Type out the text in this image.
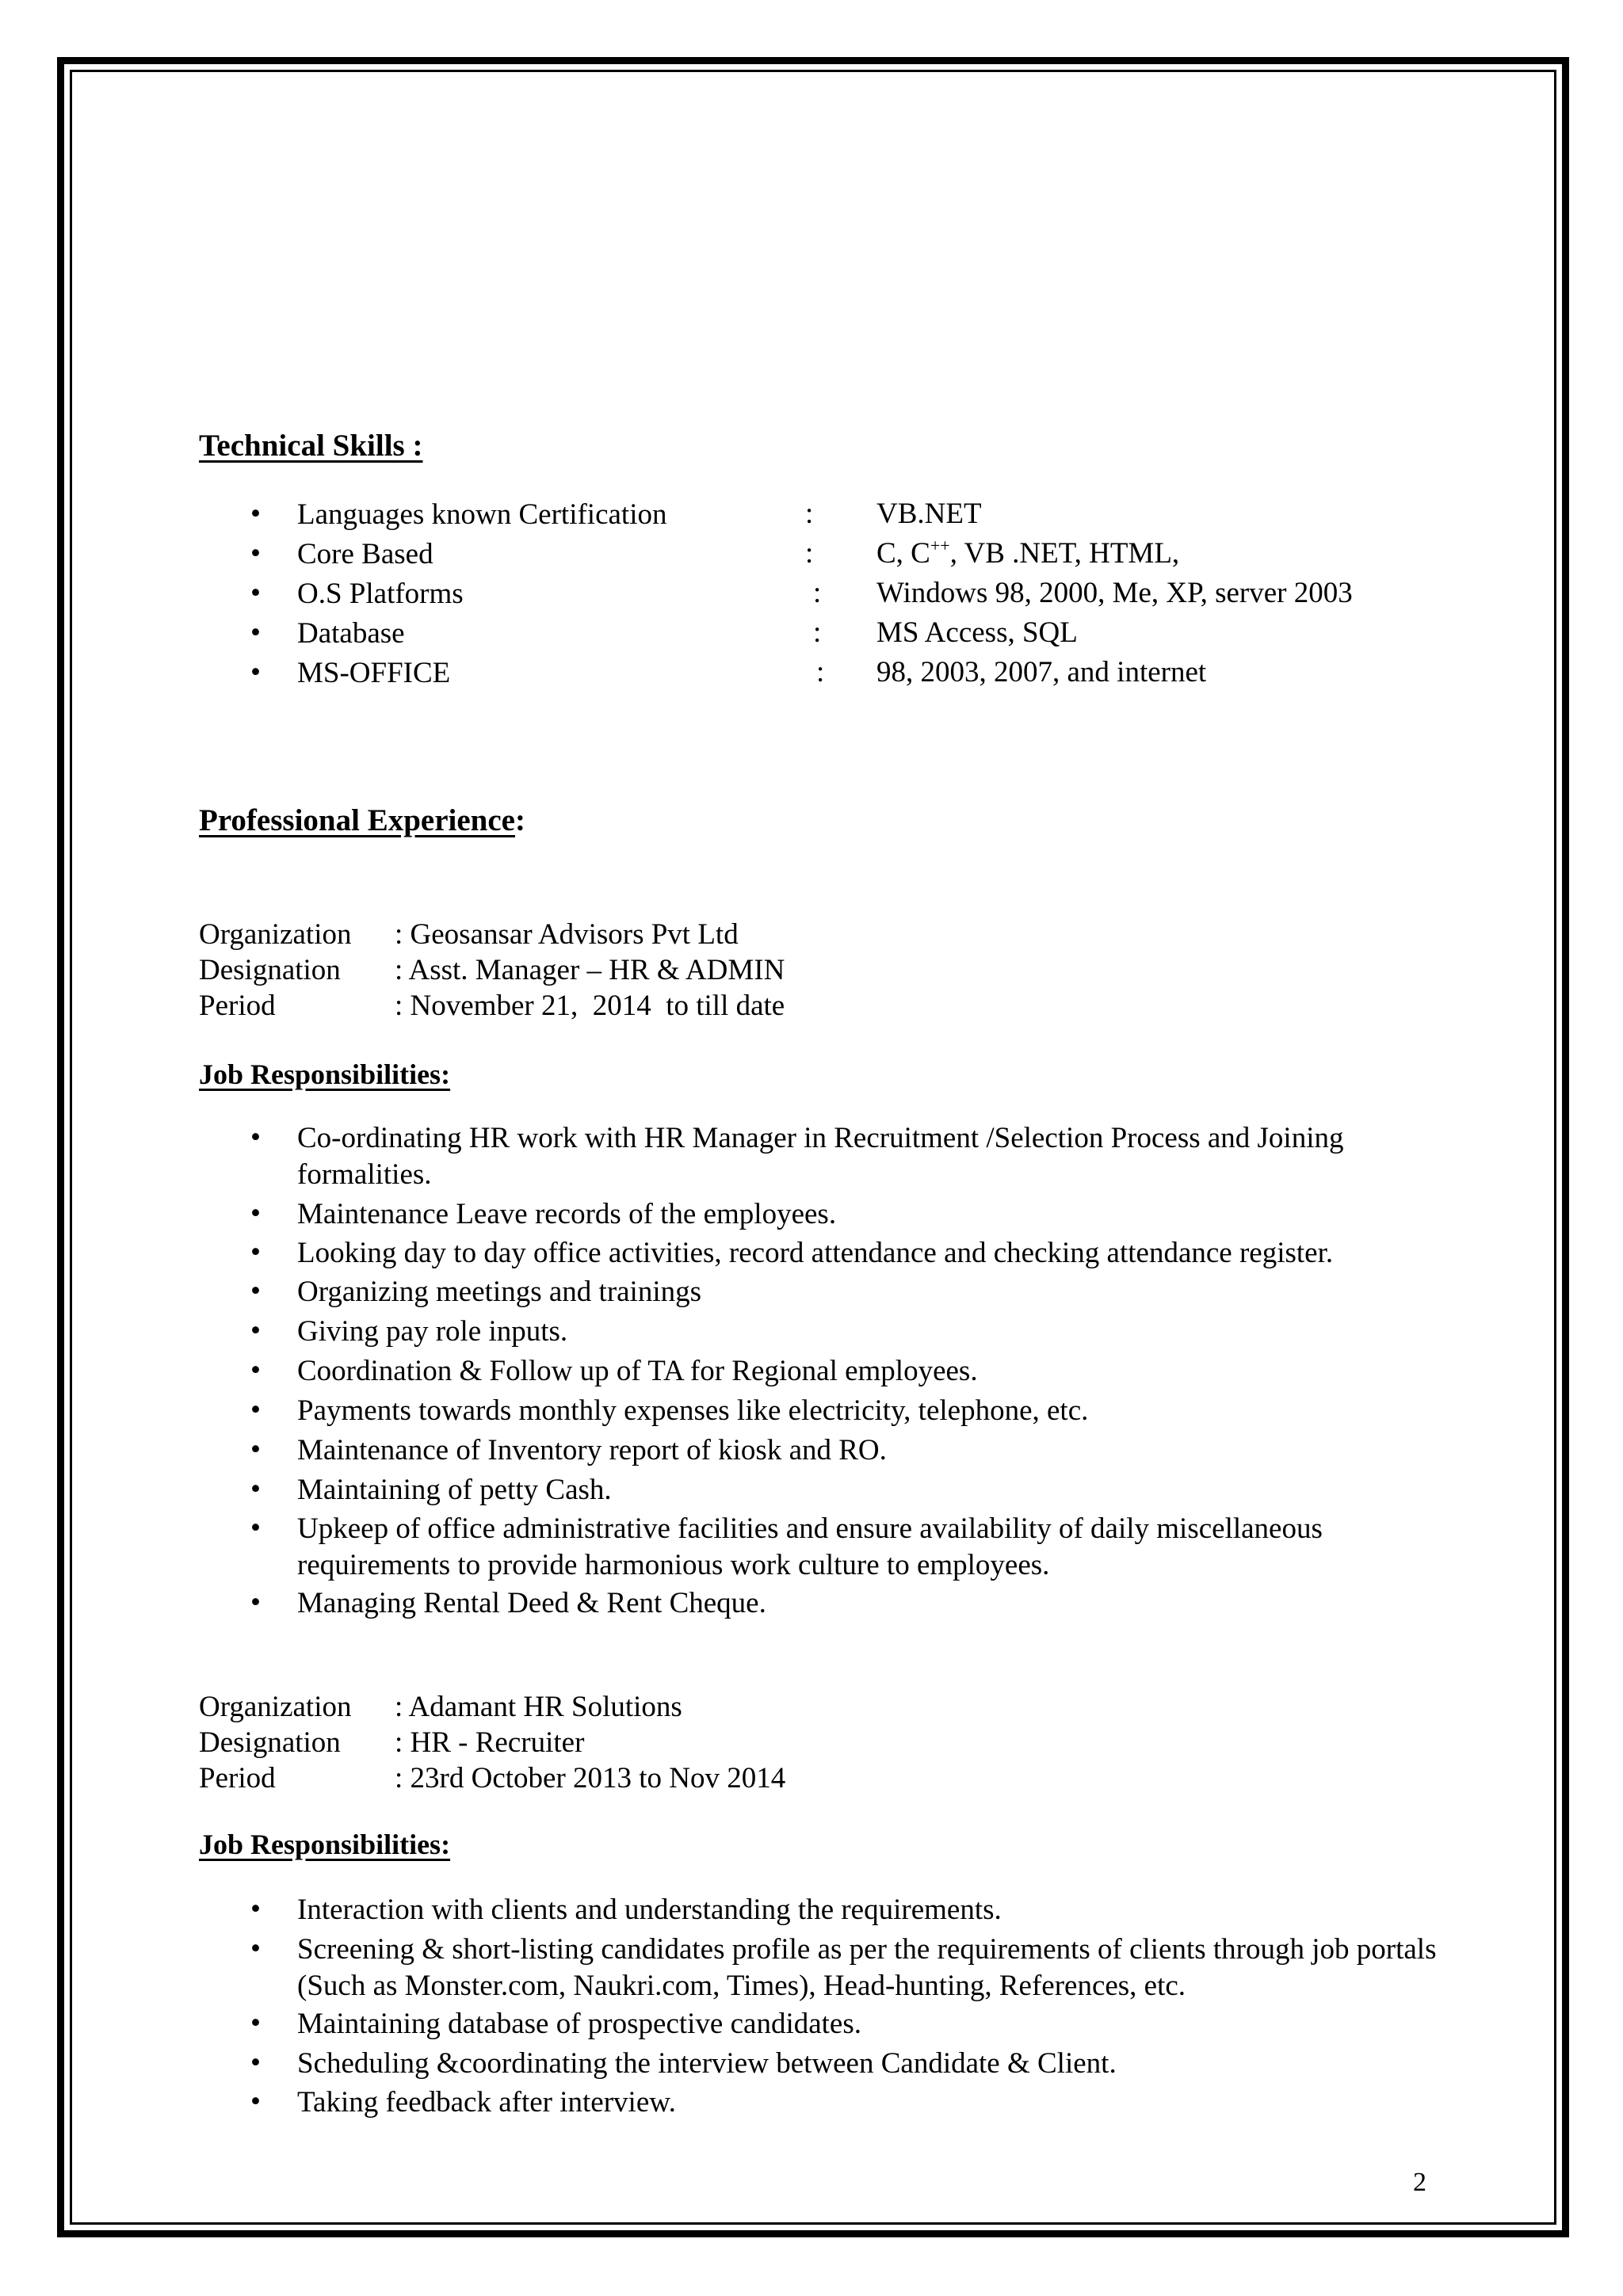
Technical Skills :
• Languages known Certification	: VB.NET
• Core Based	: C, C++, VB .NET, HTML,
• O.S Platforms	: Windows 98, 2000, Me, XP, server 2003
• Database	: MS Access, SQL
• MS-OFFICE	: 98, 2003, 2007, and internet
Professional Experience:
Organization : Geosansar Advisors Pvt Ltd
Designation : Asst. Manager – HR & ADMIN
Period	: November 21,  2014  to till date
Job Responsibilities:
• Co-ordinating HR work with HR Manager in Recruitment /Selection Process and Joining formalities.
• Maintenance Leave records of the employees.
• Looking day to day office activities, record attendance and checking attendance register.
• Organizing meetings and trainings
• Giving pay role inputs.
• Coordination & Follow up of TA for Regional employees.
• Payments towards monthly expenses like electricity, telephone, etc.
• Maintenance of Inventory report of kiosk and RO.
• Maintaining of petty Cash.
• Upkeep of office administrative facilities and ensure availability of daily miscellaneous requirements to provide harmonious work culture to employees.
• Managing Rental Deed & Rent Cheque.
Organization : Adamant HR Solutions
Designation : HR - Recruiter
Period	: 23rd October 2013 to Nov 2014
Job Responsibilities:
• Interaction with clients and understanding the requirements.
• Screening & short-listing candidates profile as per the requirements of clients through job portals (Such as Monster.com, Naukri.com, Times), Head-hunting, References, etc.
• Maintaining database of prospective candidates.
• Scheduling &coordinating the interview between Candidate & Client.
• Taking feedback after interview.
2
